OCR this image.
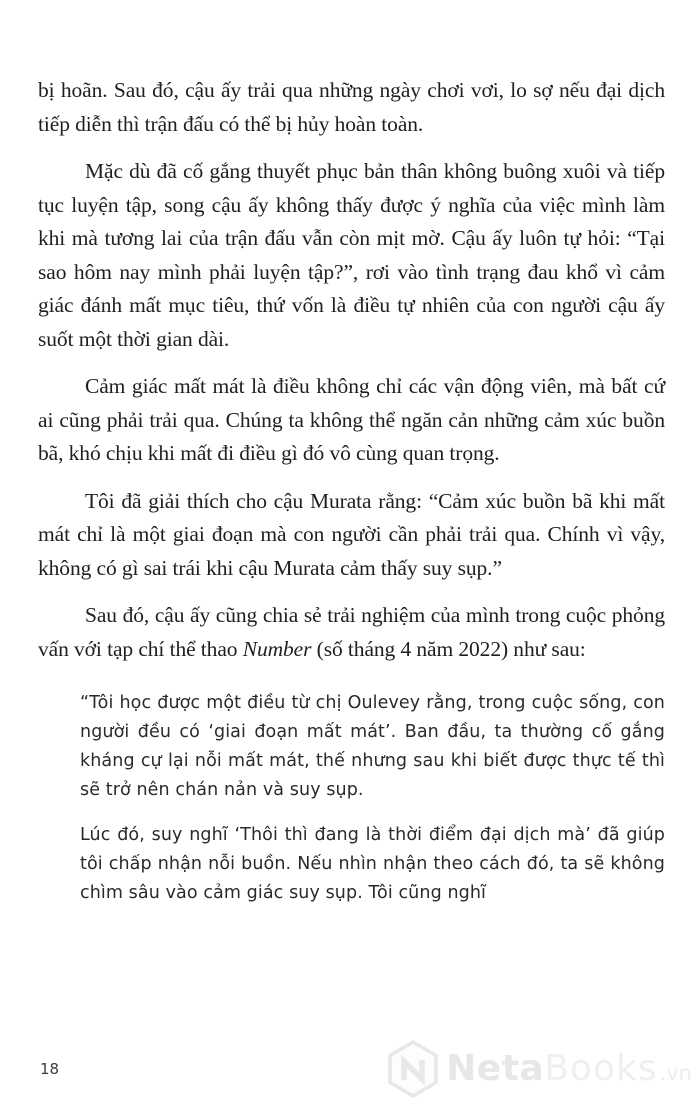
bị hoãn. Sau đó, cậu ấy trải qua những ngày chơi vơi, lo sợ nếu đại dịch tiếp diễn thì trận đấu có thể bị hủy hoàn toàn.

Mặc dù đã cố gắng thuyết phục bản thân không buông xuôi và tiếp tục luyện tập, song cậu ấy không thấy được ý nghĩa của việc mình làm khi mà tương lai của trận đấu vẫn còn mịt mờ. Cậu ấy luôn tự hỏi: “Tại sao hôm nay mình phải luyện tập?”, rơi vào tình trạng đau khổ vì cảm giác đánh mất mục tiêu, thứ vốn là điều tự nhiên của con người cậu ấy suốt một thời gian dài.

Cảm giác mất mát là điều không chỉ các vận động viên, mà bất cứ ai cũng phải trải qua. Chúng ta không thể ngăn cản những cảm xúc buồn bã, khó chịu khi mất đi điều gì đó vô cùng quan trọng.

Tôi đã giải thích cho cậu Murata rằng: “Cảm xúc buồn bã khi mất mát chỉ là một giai đoạn mà con người cần phải trải qua. Chính vì vậy, không có gì sai trái khi cậu Murata cảm thấy suy sụp.”

Sau đó, cậu ấy cũng chia sẻ trải nghiệm của mình trong cuộc phỏng vấn với tạp chí thể thao Number (số tháng 4 năm 2022) như sau:

“Tôi học được một điều từ chị Oulevey rằng, trong cuộc sống, con người đều có ‘giai đoạn mất mát’. Ban đầu, ta thường cố gắng kháng cự lại nỗi mất mát, thế nhưng sau khi biết được thực tế thì sẽ trở nên chán nản và suy sụp.

Lúc đó, suy nghĩ ‘Thôi thì đang là thời điểm đại dịch mà’ đã giúp tôi chấp nhận nỗi buồn. Nếu nhìn nhận theo cách đó, ta sẽ không chìm sâu vào cảm giác suy sụp. Tôi cũng nghĩ

18	Neta Books .vn
